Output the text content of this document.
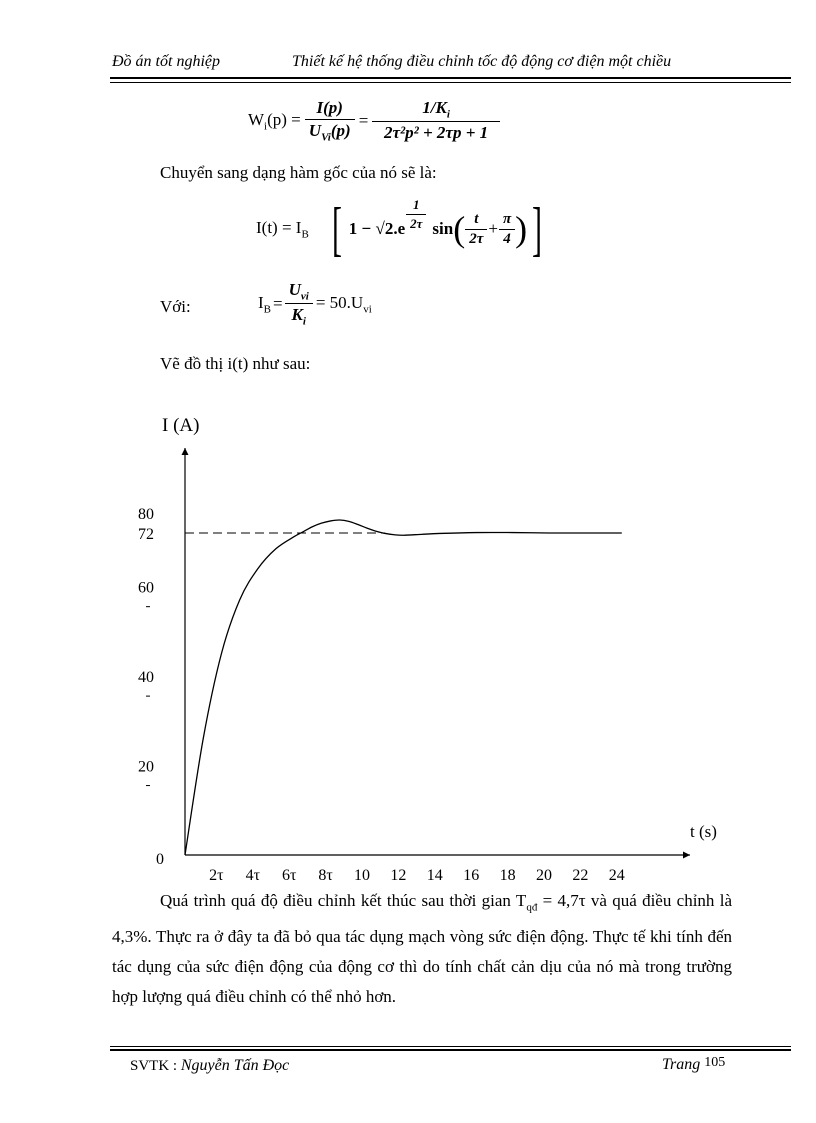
Đồ án tốt nghiệp	Thiết kế hệ thống điều chỉnh tốc độ động cơ điện một chiều
$W_i(p) = \frac{I(p)}{U_{Vi}(p)} = \frac{1/K_i}{\text{2τ²p² + 2τp + 1}}$
Chuyển sang dạng hàm gốc của nó sẽ là:
$I(t) = I_B$ [ $1 - √2.e \frac{1}{2\tau}$ sin ( $\frac{t}{2\tau} + \frac{\pi}{4}$ ) ]
Với:	$I_B = \frac{U_{vi}}{K_i} = 50.U_{vi}$
Vẽ đồ thị i(t) như sau:
I (A)
t (s)
0
80
72
60
40
20
2τ 4τ 6τ 8τ 10 12 14 16 18 20 22 24
Quá trình quá độ điều chỉnh kết thúc sau thời gian $T_{qđ} = 4,7\tau$ và quá điều chỉnh là 4,3%. Thực ra ở đây ta đã bỏ qua tác dụng mạch vòng sức điện động. Thực tế khi tính đến tác dụng của sức điện động của động cơ thì do tính chất cản dịu của nó mà trong trường hợp lượng quá điều chỉnh có thể nhỏ hơn.
SVTK : Nguyễn Tấn Đọc	Trang 105
